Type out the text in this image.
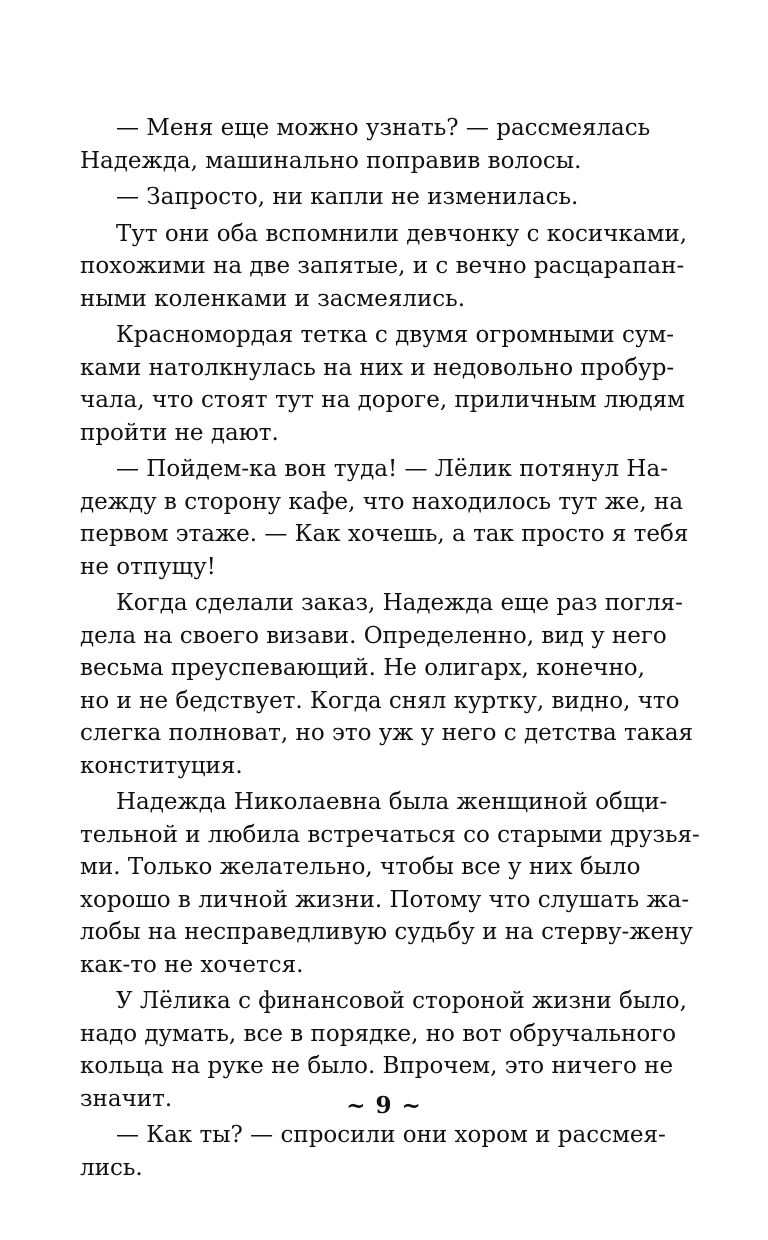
— Меня еще можно узнать? — рассмеялась
Надежда, машинально поправив волосы.
— Запросто, ни капли не изменилась.
Тут они оба вспомнили девчонку с косичками,
похожими на две запятые, и с вечно расцарапан-
ными коленками и засмеялись.
Красномордая тетка с двумя огромными сум-
ками натолкнулась на них и недовольно пробур-
чала, что стоят тут на дороге, приличным людям
пройти не дают.
— Пойдем-ка вон туда! — Лёлик потянул На-
дежду в сторону кафе, что находилось тут же, на
первом этаже. — Как хочешь, а так просто я тебя
не отпущу!
Когда сделали заказ, Надежда еще раз погля-
дела на своего визави. Определенно, вид у него
весьма преуспевающий. Не олигарх, конечно,
но и не бедствует. Когда снял куртку, видно, что
слегка полноват, но это уж у него с детства такая
конституция.
Надежда Николаевна была женщиной общи-
тельной и любила встречаться со старыми друзья-
ми. Только желательно, чтобы все у них было
хорошо в личной жизни. Потому что слушать жа-
лобы на несправедливую судьбу и на стерву-жену
как-то не хочется.
У Лёлика с финансовой стороной жизни было,
надо думать, все в порядке, но вот обручального
кольца на руке не было. Впрочем, это ничего не
значит.
— Как ты? — спросили они хором и рассмея-
лись.
~ 9 ~
